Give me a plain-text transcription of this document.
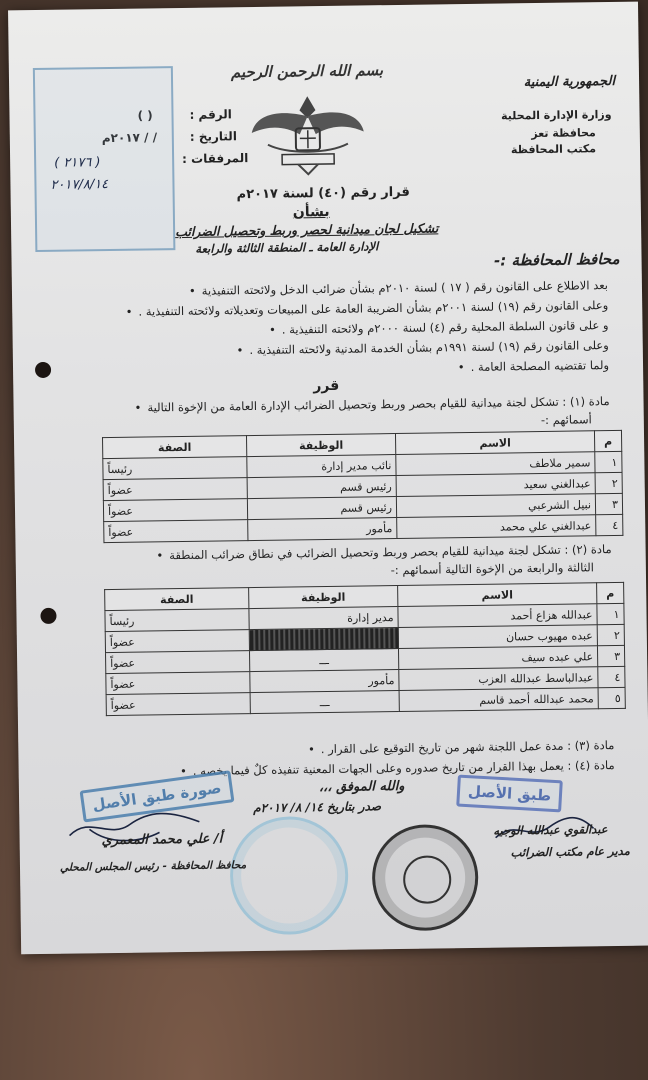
الجمهورية اليمنية
وزارة الإدارة المحلية
محافظة تعز
مكتب المحافظة
بسم الله الرحمن الرحيم
الرقم :
( )
التاريخ :
/ / ٢٠١٧م
المرفقات :
( ٢١٧٦ )
٢٠١٧/٨/١٤
قرار رقم (٤٠) لسنة ٢٠١٧م
بشأن
تشكيل لجان ميدانية لحصر وربط وتحصيل الضرائب
الإدارة العامة ـ المنطقة الثالثة والرابعة
محافظ المحافظة :-
بعد الاطلاع على القانون رقم ( ١٧ ) لسنة ٢٠١٠م بشأن ضرائب الدخل ولائحته التنفيذية •
وعلى القانون رقم (١٩) لسنة ٢٠٠١م بشأن الضريبة العامة على المبيعات وتعديلاته ولائحته التنفيذية . •
و على قانون السلطة المحلية رقم (٤) لسنة ٢٠٠٠م ولائحته التنفيذية . •
وعلى القانون رقم (١٩) لسنة ١٩٩١م بشأن الخدمة المدنية ولائحته التنفيذية . •
ولما تقتضيه المصلحة العامة . •
قرر
مادة (١) : تشكل لجنة ميدانية للقيام بحصر وربط وتحصيل الضرائب الإدارة العامة من الإخوة التالية •
أسمائهم :-
م	الاسم	الوظيفة	الصفة
١	سمير ملاطف	نائب مدير إدارة	رئيساً
٢	عبدالغني سعيد	رئيس قسم	عضواً
٣	نبيل الشرعبي	رئيس قسم	عضواً
٤	عبدالغني علي محمد	مأمور	عضواً
مادة (٢) : تشكل لجنة ميدانية للقيام بحصر وربط وتحصيل الضرائب في نطاق ضرائب المنطقة •
الثالثة والرابعة من الإخوة التالية أسمائهم :-
م	الاسم	الوظيفة	الصفة
١	عبدالله هزاع أحمد	مدير إدارة	رئيساً
٢	عبده مهيوب حسان		عضواً
٣	علي عبده سيف	ـــ	عضواً
٤	عبدالباسط عبدالله العزب	مأمور	عضواً
٥	محمد عبدالله أحمد قاسم	ـــ	عضواً
مادة (٣) : مدة عمل اللجنة شهر من تاريخ التوقيع على القرار . •
مادة (٤) : يعمل بهذا القرار من تاريخ صدوره وعلى الجهات المعنية تنفيذه كلٌ فيما يخصه . •
والله الموفق ،،،
صدر بتاريخ ١٤/ ٨/ ٢٠١٧م
صورة طبق الأصل	طبق الأصل
عبدالقوي عبدالله الوجيه
مدير عام مكتب الضرائب
أ/ علي محمد المعمري
محافظ المحافظة - رئيس المجلس المحلي
